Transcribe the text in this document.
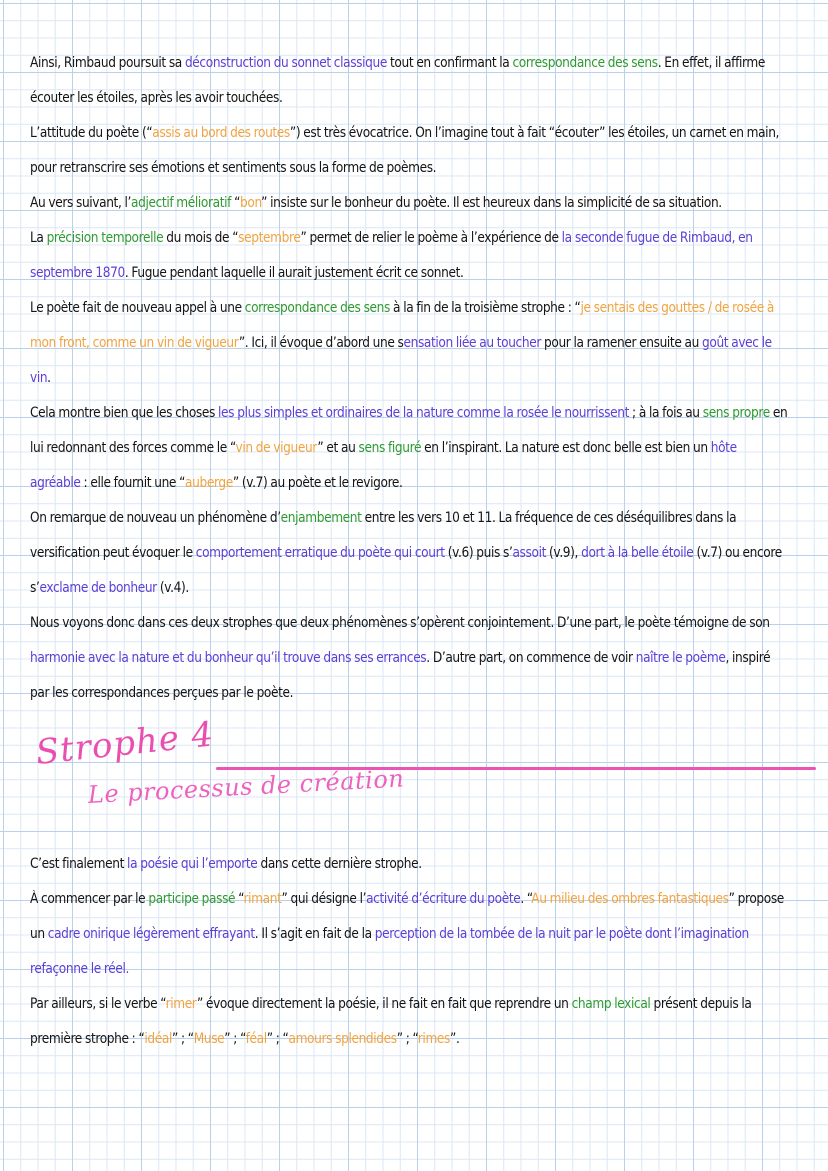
Ainsi, Rimbaud poursuit sa déconstruction du sonnet classique tout en confirmant la correspondance des sens. En effet, il affirme écouter les étoiles, après les avoir touchées.

L’attitude du poète (“assis au bord des routes”) est très évocatrice. On l’imagine tout à fait “écouter” les étoiles, un carnet en main, pour retranscrire ses émotions et sentiments sous la forme de poèmes.

Au vers suivant, l’adjectif mélioratif “bon” insiste sur le bonheur du poète. Il est heureux dans la simplicité de sa situation.

La précision temporelle du mois de “septembre” permet de relier le poème à l’expérience de la seconde fugue de Rimbaud, en septembre 1870. Fugue pendant laquelle il aurait justement écrit ce sonnet.

Le poète fait de nouveau appel à une correspondance des sens à la fin de la troisième strophe : “je sentais des gouttes / de rosée à mon front, comme un vin de vigueur”. Ici, il évoque d’abord une sensation liée au toucher pour la ramener ensuite au goût avec le vin.

Cela montre bien que les choses les plus simples et ordinaires de la nature comme la rosée le nourrissent ; à la fois au sens propre en lui redonnant des forces comme le “vin de vigueur” et au sens figuré en l’inspirant. La nature est donc belle est bien un hôte agréable : elle fournit une “auberge” (v.7) au poète et le revigore.

On remarque de nouveau un phénomène d’enjambement entre les vers 10 et 11. La fréquence de ces déséquilibres dans la versification peut évoquer le comportement erratique du poète qui court (v.6) puis s’assoit (v.9), dort à la belle étoile (v.7) ou encore s’exclame de bonheur (v.4).

Nous voyons donc dans ces deux strophes que deux phénomènes s’opèrent conjointement. D’une part, le poète témoigne de son harmonie avec la nature et du bonheur qu’il trouve dans ses errances. D’autre part, on commence de voir naître le poème, inspiré par les correspondances perçues par le poète.

Strophe 4
Le processus de création

C’est finalement la poésie qui l’emporte dans cette dernière strophe.

À commencer par le participe passé “rimant” qui désigne l’activité d’écriture du poète. “Au milieu des ombres fantastiques” propose un cadre onirique légèrement effrayant. Il s’agit en fait de la perception de la tombée de la nuit par le poète dont l’imagination refaçonne le réel.

Par ailleurs, si le verbe “rimer” évoque directement la poésie, il ne fait en fait que reprendre un champ lexical présent depuis la première strophe : “idéal” ; “Muse” ; “féal” ; “amours splendides” ; “rimes”.
